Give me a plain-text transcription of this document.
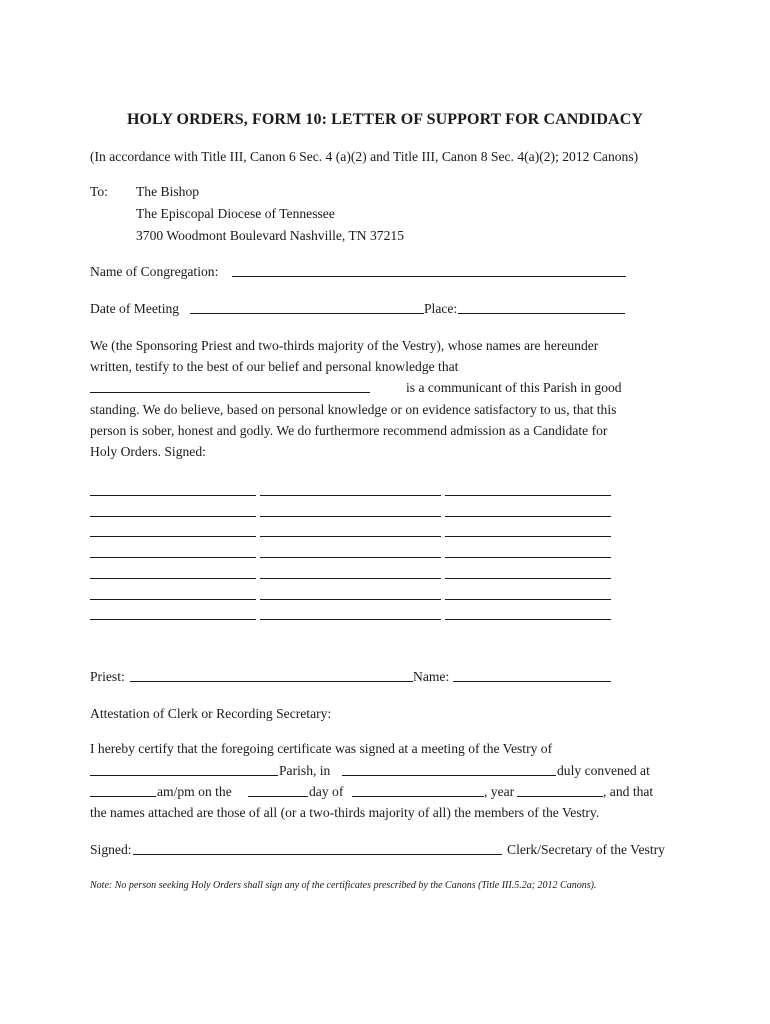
HOLY ORDERS, FORM 10: LETTER OF SUPPORT FOR CANDIDACY
(In accordance with Title III, Canon 6 Sec. 4 (a)(2) and Title III, Canon 8 Sec. 4(a)(2); 2012 Canons)
To: The Bishop
The Episcopal Diocese of Tennessee
3700 Woodmont Boulevard Nashville, TN 37215
Name of Congregation:
Date of Meeting	Place:
We (the Sponsoring Priest and two-thirds majority of the Vestry), whose names are hereunder
written, testify to the best of our belief and personal knowledge that
is a communicant of this Parish in good
standing. We do believe, based on personal knowledge or on evidence satisfactory to us, that this
person is sober, honest and godly. We do furthermore recommend admission as a Candidate for
Holy Orders. Signed:
Priest:	Name:
Attestation of Clerk or Recording Secretary:
I hereby certify that the foregoing certificate was signed at a meeting of the Vestry of
Parish, in	duly convened at
am/pm on the	day of	, year	, and that
the names attached are those of all (or a two-thirds majority of all) the members of the Vestry.
Signed:	Clerk/Secretary of the Vestry
Note: No person seeking Holy Orders shall sign any of the certificates prescribed by the Canons (Title III.5.2a; 2012 Canons).
